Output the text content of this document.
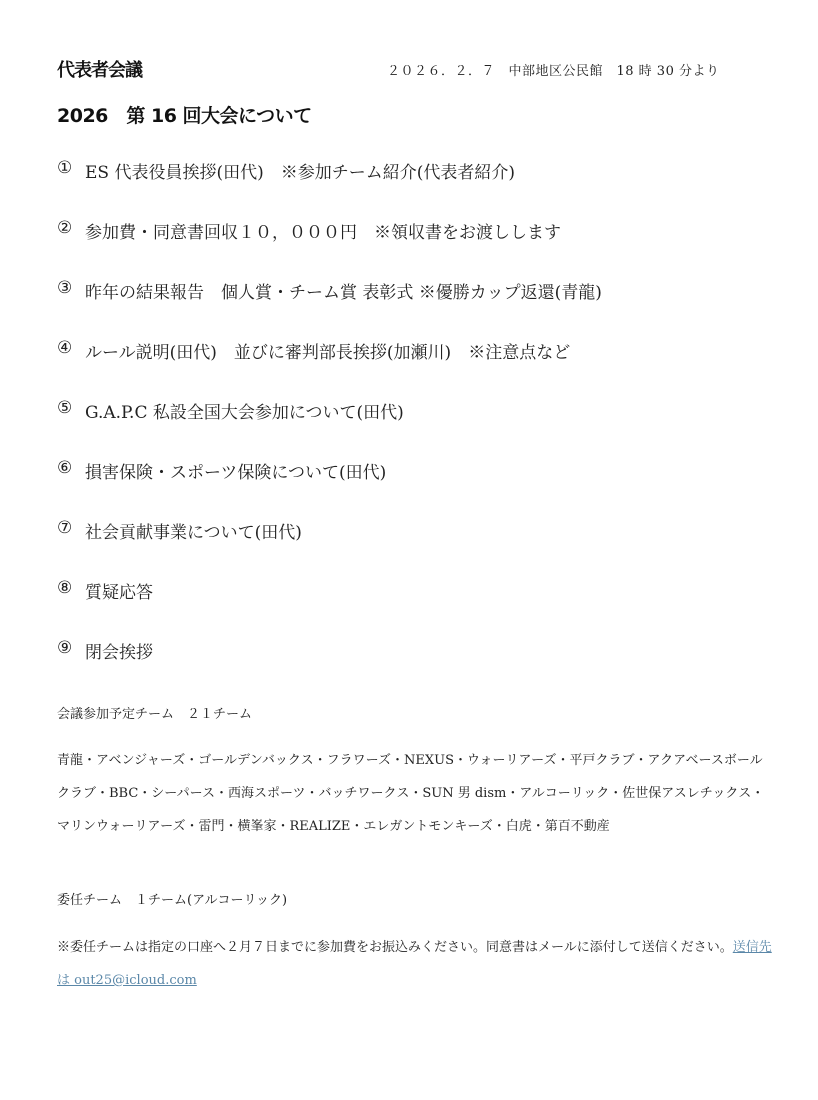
代表者会議	２０２６．２．７　中部地区公民館　18 時 30 分より
2026　第 16 回大会について
① ES 代表役員挨拶(田代)　※参加チーム紹介(代表者紹介)
② 参加費・同意書回収１０，０００円　※領収書をお渡しします
③ 昨年の結果報告　個人賞・チーム賞 表彰式 ※優勝カップ返還(青龍)
④ ルール説明(田代)　並びに審判部長挨拶(加瀬川)　※注意点など
⑤ G.A.P.C 私設全国大会参加について(田代)
⑥ 損害保険・スポーツ保険について(田代)
⑦ 社会貢献事業について(田代)
⑧ 質疑応答
⑨ 閉会挨拶
会議参加予定チーム　２１チーム
青龍・アベンジャーズ・ゴールデンバックス・フラワーズ・NEXUS・ウォーリアーズ・平戸クラブ・アクアベースボールクラブ・BBC・シーパース・西海スポーツ・バッチワークス・SUN 男 dism・アルコーリック・佐世保アスレチックス・マリンウォーリアーズ・雷門・横峯家・REALIZE・エレガントモンキーズ・白虎・第百不動産
委任チーム　１チーム(アルコーリック)
※委任チームは指定の口座へ２月７日までに参加費をお振込みください。同意書はメールに添付して送信ください。送信先は out25@icloud.com
